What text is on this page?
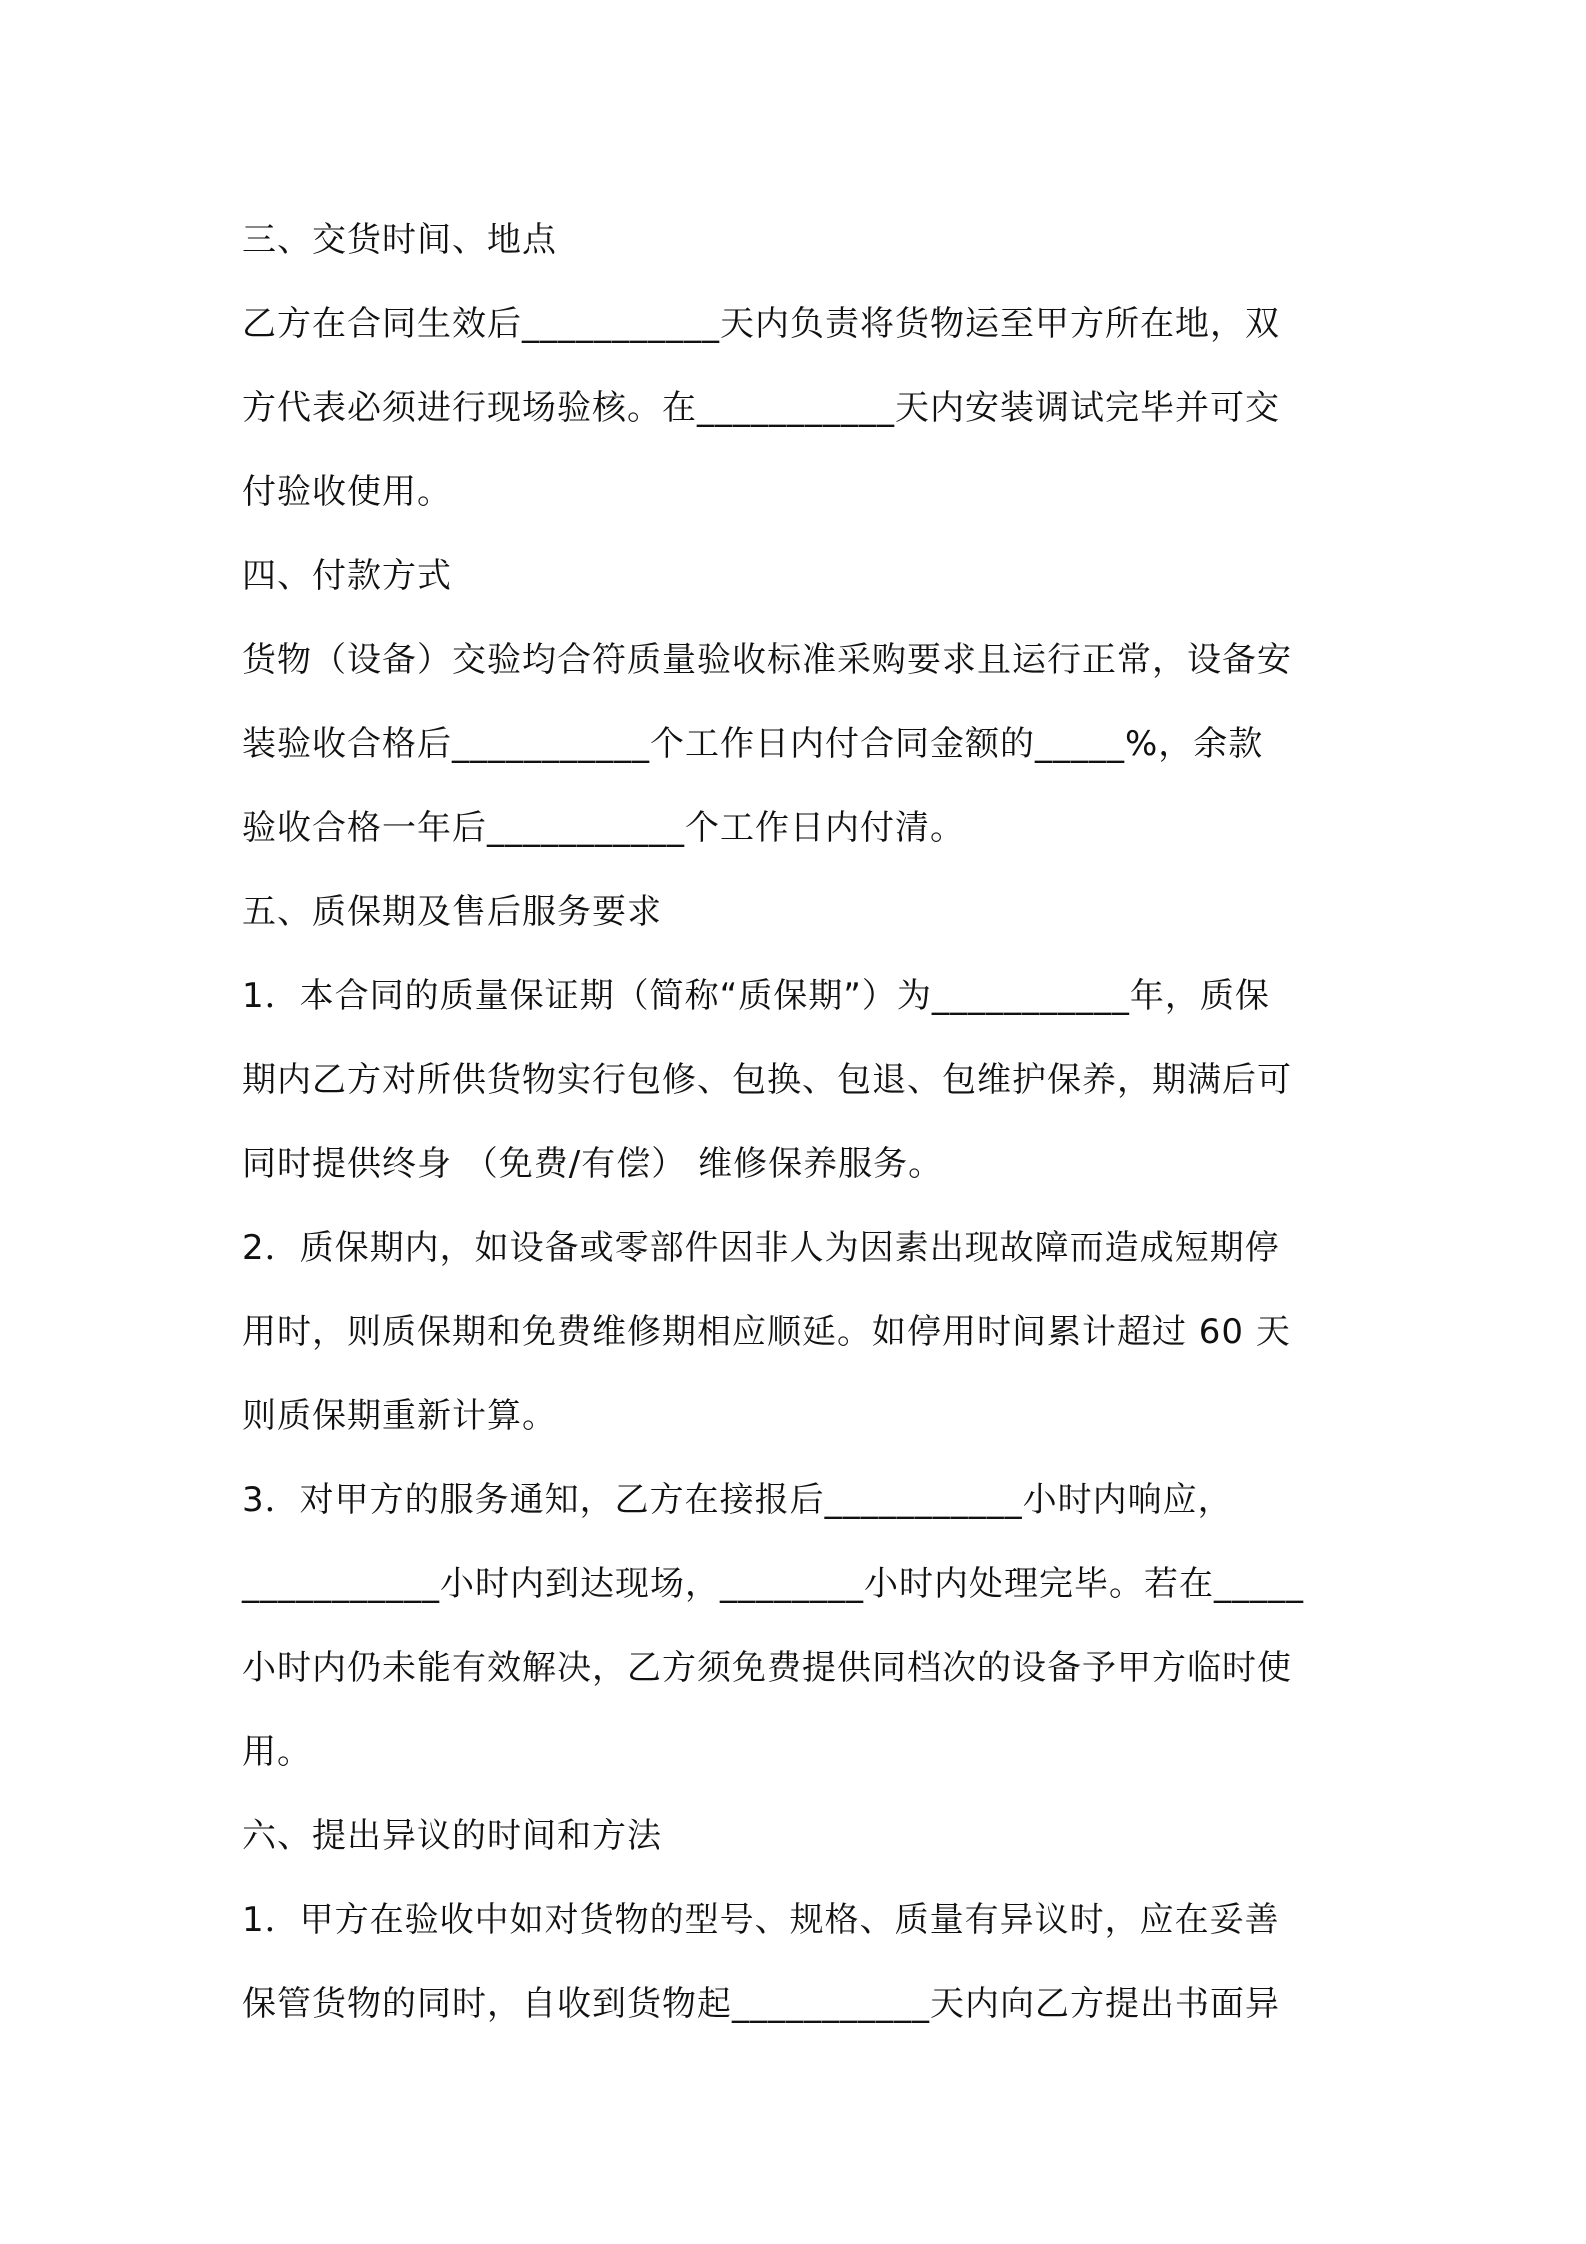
三、交货时间、地点
乙方在合同生效后___________天内负责将货物运至甲方所在地，双
方代表必须进行现场验核。在___________天内安装调试完毕并可交
付验收使用。
四、付款方式
货物（设备）交验均合符质量验收标准采购要求且运行正常，设备安
装验收合格后___________个工作日内付合同金额的_____%，余款
验收合格一年后___________个工作日内付清。
五、质保期及售后服务要求
1．本合同的质量保证期（简称“质保期”）为___________年，质保
期内乙方对所供货物实行包修、包换、包退、包维护保养，期满后可
同时提供终身 （免费/有偿） 维修保养服务。
2．质保期内，如设备或零部件因非人为因素出现故障而造成短期停
用时，则质保期和免费维修期相应顺延。如停用时间累计超过 60 天
则质保期重新计算。
3．对甲方的服务通知，乙方在接报后___________小时内响应，
___________小时内到达现场，________小时内处理完毕。若在_____
小时内仍未能有效解决，乙方须免费提供同档次的设备予甲方临时使
用。
六、提出异议的时间和方法
1．甲方在验收中如对货物的型号、规格、质量有异议时，应在妥善
保管货物的同时，自收到货物起___________天内向乙方提出书面异
